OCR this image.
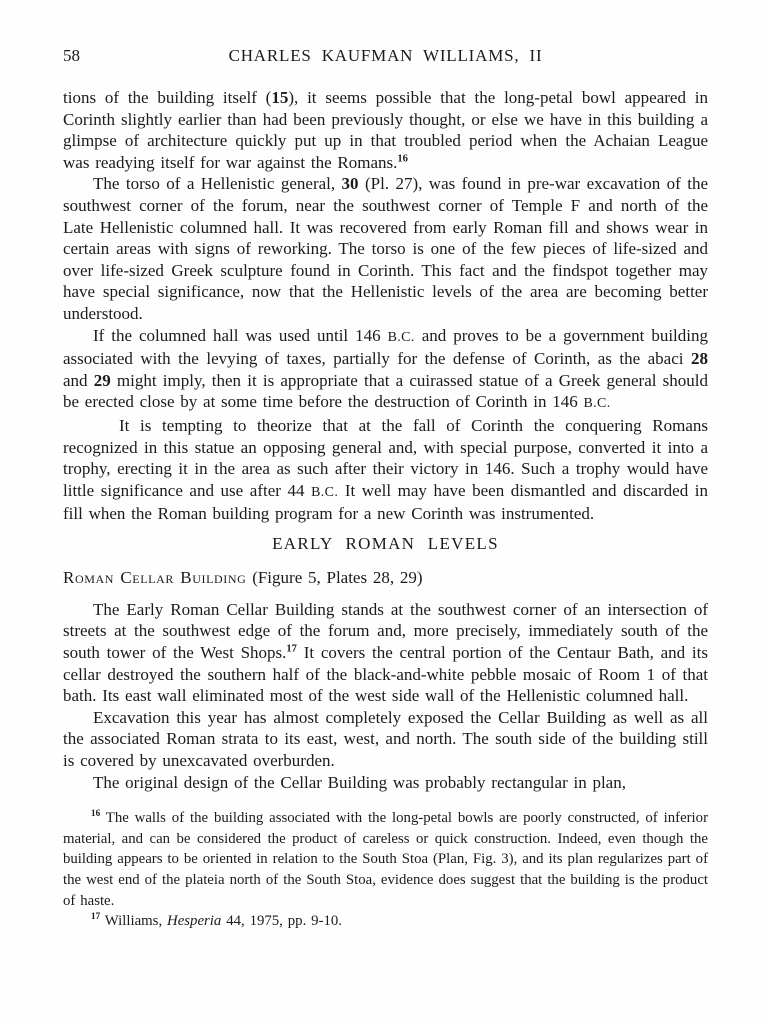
58	CHARLES KAUFMAN WILLIAMS, II

tions of the building itself (15), it seems possible that the long-petal bowl appeared in Corinth slightly earlier than had been previously thought, or else we have in this building a glimpse of architecture quickly put up in that troubled period when the Achaian League was readying itself for war against the Romans.$^{16}$

The torso of a Hellenistic general, 30 (Pl. 27), was found in pre-war excavation of the southwest corner of the forum, near the southwest corner of Temple F and north of the Late Hellenistic columned hall. It was recovered from early Roman fill and shows wear in certain areas with signs of reworking. The torso is one of the few pieces of life-sized and over life-sized Greek sculpture found in Corinth. This fact and the findspot together may have special significance, now that the Hellenistic levels of the area are becoming better understood.

If the columned hall was used until 146 B.C. and proves to be a government building associated with the levying of taxes, partially for the defense of Corinth, as the abaci 28 and 29 might imply, then it is appropriate that a cuirassed statue of a Greek general should be erected close by at some time before the destruction of Corinth in 146 B.C.

It is tempting to theorize that at the fall of Corinth the conquering Romans recognized in this statue an opposing general and, with special purpose, converted it into a trophy, erecting it in the area as such after their victory in 146. Such a trophy would have little significance and use after 44 B.C. It well may have been dismantled and discarded in fill when the Roman building program for a new Corinth was instrumented.

EARLY ROMAN LEVELS
Roman Cellar Building (Figure 5, Plates 28, 29)

The Early Roman Cellar Building stands at the southwest corner of an intersection of streets at the southwest edge of the forum and, more precisely, immediately south of the south tower of the West Shops.$^{17}$ It covers the central portion of the Centaur Bath, and its cellar destroyed the southern half of the black-and-white pebble mosaic of Room 1 of that bath. Its east wall eliminated most of the west side wall of the Hellenistic columned hall.

Excavation this year has almost completely exposed the Cellar Building as well as all the associated Roman strata to its east, west, and north. The south side of the building still is covered by unexcavated overburden.

The original design of the Cellar Building was probably rectangular in plan,

$^{16}$ The walls of the building associated with the long-petal bowls are poorly constructed, of inferior material, and can be considered the product of careless or quick construction. Indeed, even though the building appears to be oriented in relation to the South Stoa (Plan, Fig. 3), and its plan regularizes part of the west end of the plateia north of the South Stoa, evidence does suggest that the building is the product of haste.

$^{17}$ Williams, Hesperia 44, 1975, pp. 9-10.
